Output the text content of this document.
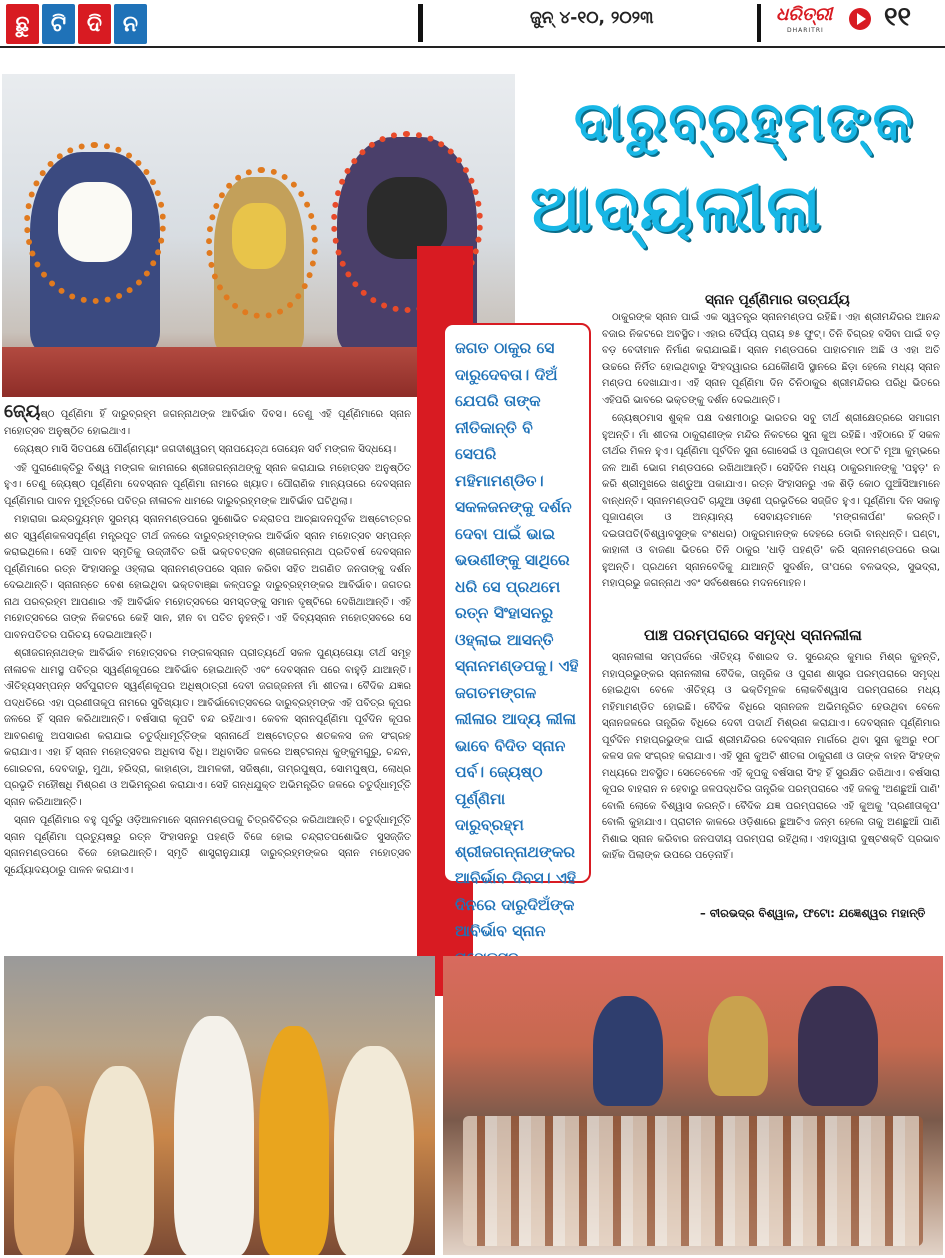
ଛୁ ଟି ଦି ନ	ଜୁନ୍ ୪-୧୦, ୨୦୨୩	ଧରିତ୍ରୀ
DHARITRI ୧୧
ଦାରୁବ୍ରହ୍ମଙ୍କ
ଆଦ୍ୟଲୀଳା
ଜଗତ ଠାକୁର ସେ ଦାରୁଦେବତା। ଦିଅଁ ଯେପରି ତାଙ୍କ ନୀତିକାନ୍ତି ବି ସେପରି ମହିମାମଣ୍ଡିତ। ସକଳଜନଙ୍କୁ ଦର୍ଶନ ଦେବା ପାଇଁ ଭାଇ ଭଉଣୀଙ୍କୁ ସାଥିରେ ଧରି ସେ ପ୍ରଥମେ ରତ୍ନ ସିଂହାସନରୁ ଓହ୍ଲାଇ ଆସନ୍ତି ସ୍ନାନମଣ୍ଡପକୁ। ଏହି ଜଗତମଙ୍ଗଳ ଲୀଳାର ଆଦ୍ୟ ଲୀଳା ଭାବେ ବିଦିତ ସ୍ନାନ ପର୍ବ। ଜ୍ୟେଷ୍ଠ ପୂର୍ଣ୍ଣିମା ଦାରୁବ୍ରହ୍ମ ଶ୍ରୀଜଗନ୍ନାଥଙ୍କର ଆବିର୍ଭାବ ଦିବସ। ଏହି ଦିନରେ ଦାରୁଦିଅଁଙ୍କ ଆବିର୍ଭାବ ସ୍ନାନ

ଜ୍ୟେଷ୍ଠ ପୂର୍ଣ୍ଣିମା ହିଁ ଦାରୁବ୍ରହ୍ମ ଜଗନ୍ନାଥଙ୍କ ଆବିର୍ଭାବ ଦିବସ। ତେଣୁ ଏହି ପୂର୍ଣ୍ଣିମାରେ ସ୍ନାନ ମହୋତ୍ସବ ଅନୁଷ୍ଠିତ ହୋଇଥାଏ।

ଜ୍ୟେଷ୍ଠ ମାସି ସିତପକ୍ଷେ ପୌର୍ଣ୍ଣମ୍ୟାଂ ଜଗଦୀଶ୍ୱରମ୍ ସ୍ନାପୟେତ୍‌ଥ ତୋୟେନ ସର୍ବ ମଙ୍ଗଳ ସିଦ୍ଧୟେ।

ଏହି ପୁରାଣୋକ୍ତିରୁ ବିଶ୍ୱ ମଙ୍ଗଳ କାମନାରେ ଶ୍ରୀଜଗନ୍ନାଥଙ୍କୁ ସ୍ନାନ କରାଯାଇ ମହୋତ୍ସବ ଅନୁଷ୍ଠିତ ହୁଏ। ତେଣୁ ଜ୍ୟେଷ୍ଠ ପୂର୍ଣ୍ଣିମା ଦେବସ୍ନାନ ପୂର୍ଣ୍ଣିମା ନାମରେ ଖ୍ୟାତ। ପୌରାଣିକ ମାନ୍ୟତାରେ ଦେବସ୍ନାନ ପୂର୍ଣ୍ଣିମାର ପାବନ ମୁହୂର୍ତ୍ତରେ ପବିତ୍ର ନୀଳାଚଳ ଧାମରେ ଦାରୁବ୍ରହ୍ମଙ୍କ ଆବିର୍ଭାବ ଘଟିଥିଲା।

ମହାରାଜା ଇନ୍ଦ୍ରଦ୍ୟୁମ୍ନ ସୁରମ୍ୟ ସ୍ନାନମଣ୍ଡପରେ ସୁଶୋଭିତ ଚନ୍ଦ୍ରାତପ ଆଚ୍ଛାଦନପୂର୍ବକ ଅଷ୍ଟୋତ୍ତର ଶତ ସ୍ୱର୍ଣ୍ଣକଳସପୂର୍ଣ୍ଣ ମନ୍ତ୍ରପୂତ ତୀର୍ଥ ଜଳରେ ଦାରୁବ୍ରହ୍ମଙ୍କର ଆବିର୍ଭାବ ସ୍ନାନ ମହୋତ୍ସବ ସମ୍ପନ୍ନ କରାଇଥିଲେ। ସେହି ପାବନ ସ୍ମୃତିକୁ ଉଜ୍ଜୀବିତ ରଖି ଭକ୍ତବତ୍ସଳ ଶ୍ରୀଜଗନ୍ନାଥ ପ୍ରତିବର୍ଷ ଦେବସ୍ନାନ ପୂର୍ଣ୍ଣିମାରେ ରତ୍ନ ସିଂହାସନରୁ ଓହ୍ଲାଇ ସ୍ନାନମଣ୍ଡପରେ ସ୍ନାନ କରିବା ସହିତ ଅଗଣିତ ଜନତାଙ୍କୁ ଦର୍ଶନ ଦେଇଥାନ୍ତି। ସ୍ନାନାନ୍ତେ ବେଶ ହୋଇଥିବା ଭକ୍ତବାଞ୍ଛା କଳ୍ପତରୁ ଦାରୁବ୍ରହ୍ମଙ୍କର ଆବିର୍ଭାବ। ଜଗତର ନାଥ ପରବ୍ରହ୍ମ ଆପଣାର ଏହି ଆବିର୍ଭାବ ମହୋତ୍ସବରେ ସମସ୍ତଙ୍କୁ ସମାନ ଦୃଷ୍ଟିରେ ଦେଖିଥାଆନ୍ତି। ଏହି ମହୋତ୍ସବରେ ତାଙ୍କ ନିକଟରେ କେହି ସାନ, ହୀନ ବା ପତିତ ନୁହନ୍ତି। ଏହି ଦିବ୍ୟସ୍ନାନ ମହୋତ୍ସବରେ ସେ ପାବନପତିତର ପରିଚୟ ଦେଇଥାଆନ୍ତି।

ଶ୍ରୀଜଗନ୍ନାଥଙ୍କ ଆବିର୍ଭାବ ମହୋତ୍ସବର ମଙ୍ଗଳସ୍ନାନ ପ୍ରୀତ୍ୟର୍ଥେ ସକଳ ପୁଣ୍ୟତୋୟା ତୀର୍ଥ ସମୂହ ନୀଳାଚଳ ଧାମସ୍ଥ ପବିତ୍ର ସ୍ୱର୍ଣ୍ଣକୂପରେ ଆବିର୍ଭାବ ହୋଇଥାନ୍ତି ଏବଂ ଦେବସ୍ନାନ ପରେ ବାହୁଡ଼ି ଯାଆନ୍ତି। ଐତିହ୍ୟସମ୍ପନ୍ନ ସର୍ବପୁରାତନ ସ୍ୱର୍ଣ୍ଣକୂପର ଅଧିଷ୍ଠାତ୍ରୀ ଦେବୀ ଜଗଜ୍ଜନନୀ ମାଁ ଶୀତଳା। ବୈଦିକ ଯଜ୍ଞର ପଦ୍ଧତିରେ ଏହା ପ୍ରଣୀତାକୂପ ନାମରେ ସୁବିଖ୍ୟାତ। ଆବିର୍ଭାବୋତ୍ସବରେ ଦାରୁବ୍ରହ୍ମଙ୍କ ଏହି ପବିତ୍ର କୂପର ଜଳରେ ହିଁ ସ୍ନାନ କରିଥାଆନ୍ତି। ବର୍ଷସାରା କୂପଟି ବନ୍ଦ ରହିଥାଏ। କେବଳ ସ୍ନାନପୂର୍ଣ୍ଣିମା ପୂର୍ବଦିନ କୂପର ଆବରଣକୁ ଅପସାରଣ କରାଯାଇ ଚତୁର୍ଦ୍ଧାମୂର୍ତ୍ତିଙ୍କ ସ୍ନାନାର୍ଥେ ଅଷ୍ଟୋତ୍ତର ଶତକଳସ ଜଳ ସଂଗ୍ରହ କରାଯାଏ। ଏହା ହିଁ ସ୍ନାନ ମହୋତ୍ସବର ଅଧିବାସ ବିଧି। ଅଧିବାସିତ ଜଳରେ ଅଷ୍ଟଗନ୍ଧ କୁଙ୍କୁମଗୁରୁ, ଚନ୍ଦନ, ଗୋରଚନା, ଦେବଦାରୁ, ମୁଥା, ହରିଦ୍ରା, କାହାଣ୍ଡା, ଆମଳକୀ, ସଜିଷ୍ଣା, ତାମ୍ରପୁଷ୍ପ, ସୋମପୁଷ୍ପ, ଲୋଧ୍ର ପ୍ରଭୃତି ମହୌଷଧି ମିଶ୍ରଣ ଓ ଅଭିମନ୍ତ୍ରଣ କରାଯାଏ। ସେହି ଗନ୍ଧଯୁକ୍ତ ଅଭିମନ୍ତ୍ରିତ ଜଳରେ ଚତୁର୍ଦ୍ଧାମୂର୍ତ୍ତି ସ୍ନାନ କରିଥାଆନ୍ତି।

ସ୍ନାନ ପୂର୍ଣ୍ଣିମାର ବହୁ ପୂର୍ବରୁ ଓଡ଼ିଆଳମାନେ ସ୍ନାନମଣ୍ଡପକୁ ଚିତ୍ରବିଚିତ୍ର କରିଥାଆନ୍ତି। ଚତୁର୍ଦ୍ଧାମୂର୍ତ୍ତି ସ୍ନାନ ପୂର୍ଣ୍ଣିମା ପ୍ରତ୍ୟୁଷରୁ ରତ୍ନ ସିଂହାସନରୁ ପହଣ୍ଡି ବିଜେ ହୋଇ ଚନ୍ଦ୍ରାତପଶୋଭିତ ସୁସଜ୍ଜିତ ସ୍ନାନମଣ୍ଡପରେ ବିଜେ ହୋଇଥାନ୍ତି। ସ୍ମୃତି ଶାସ୍ତ୍ରାନୁଯାୟୀ ଦାରୁବ୍ରହ୍ମଙ୍କର ସ୍ନାନ ମହୋତ୍ସବ ସୂର୍ଯ୍ୟୋଦୟଠାରୁ ପାଳନ କରାଯାଏ।

ସ୍ନାନ ପୂର୍ଣ୍ଣିମାର ତାତ୍ପର୍ଯ୍ୟ

ଠାକୁରଙ୍କ ସ୍ନାନ ପାଇଁ ଏକ ସ୍ୱତନ୍ତ୍ର ସ୍ନାନମଣ୍ଡପ ରହିଛି। ଏହା ଶ୍ରୀମନ୍ଦିରର ଆନନ୍ଦ ବଜାର ନିକଟରେ ଅବସ୍ଥିତ। ଏହାର ଦୈର୍ଘ୍ୟ ପ୍ରାୟ ୭୫ ଫୁଟ୍। ତିନି ବିଗ୍ରହ ବସିବା ପାଇଁ ବଡ଼ ବଡ଼ ବେଦୀମାନ ନିର୍ମାଣ କରାଯାଇଛି। ସ୍ନାନ ମଣ୍ଡପରେ ପାହାଚମାନ ଅଛି ଓ ଏହା ଅତି ଉଚ୍ଚରେ ନିର୍ମିତ ହୋଇଥିବାରୁ ସିଂହଦ୍ୱାରର ଯେକୌଣସି ସ୍ଥାନରେ ଛିଡ଼ା ହେଲେ ମଧ୍ୟ ସ୍ନାନ ମଣ୍ଡପ ଦେଖାଯାଏ। ଏହି ସ୍ନାନ ପୂର୍ଣ୍ଣିମା ଦିନ ଚିନିଠାକୁର ଶ୍ରୀମନ୍ଦିରର ପରିଧି ଭିତରେ ଏହିପରି ଭାବରେ ଭକ୍ତଙ୍କୁ ଦର୍ଶନ ଦେଇଥାନ୍ତି।

ଜ୍ୟେଷ୍ଠମାସ ଶୁକ୍ଳ ପକ୍ଷ ଦଶମୀଠାରୁ ଭାରତର ସବୁ ତୀର୍ଥ ଶ୍ରୀକ୍ଷେତ୍ରରେ ସମାଗମ ହୁଅନ୍ତି। ମାଁ ଶୀତଳା ଠାକୁରାଣୀଙ୍କ ମନ୍ଦିର ନିକଟରେ ସୁନା କୁଅ ରହିଛି। ଏହିଠାରେ ହିଁ ସକଳ ତୀର୍ଥର ମିଳନ ହୁଏ। ପୂର୍ଣ୍ଣିମା ପୂର୍ବଦିନ ସୁନା ଗୋସେଇଁ ଓ ପୂଜାପଣ୍ଡା ୧୦୮ଟି ମୂଆ କୁମ୍ଭରେ ଜଳ ଆଣି ଭୋଗ ମଣ୍ଡପରେ ରଖିଥାଆନ୍ତି। ସେହିଦିନ ମଧ୍ୟ ଠାକୁରମାନଙ୍କୁ 'ପହୁଡ଼' ନ କରି ଶ୍ରୀମୁଖରେ ଖଣ୍ଡୁଆ ପକାଯାଏ। ରତ୍ନ ସିଂହାସନରୁ ଏକ ଶିଡ଼ି କୋଠ ପୁଆଁସିଆମାନେ ବାନ୍ଧନ୍ତି। ସ୍ନାନମଣ୍ଡପଟି ଚାନ୍ଦୁଆ ଓଢ଼ଣୀ ପ୍ରଭୃତିରେ ସଜ୍ଜିତ ହୁଏ। ପୂର୍ଣ୍ଣିମା ଦିନ ସକାଳୁ ପୂଜାପଣ୍ଡା ଓ ଅନ୍ୟାନ୍ୟ ସେବାୟତମାନେ 'ମଙ୍ଗଳାର୍ପଣ' କରନ୍ତି। ଦଇତାପତି(ବିଶ୍ୱାବସୁଙ୍କ ବଂଶଧର) ଠାକୁରମାନଙ୍କ ଦେହରେ ଡୋରି ବାନ୍ଧନ୍ତି। ଘଣ୍ଟା, କାହାଳୀ ଓ ବାଜଣା ଭିତରେ ତିନି ଠାକୁର 'ଧାଡ଼ି ପହଣ୍ଡି' କରି ସ୍ନାନମଣ୍ଡପରେ ଉଭା ହୁଅନ୍ତି। ପ୍ରଥମେ ସ୍ନାନବେଦିକୁ ଯାଆନ୍ତି ସୁଦର୍ଶନ, ତା'ପରେ ବଳଭଦ୍ର, ସୁଭଦ୍ରା, ମହାପ୍ରଭୁ ଜଗନ୍ନାଥ ଏବଂ ସର୍ବଶେଷରେ ମଦନମୋହନ।

ପାଞ୍ଚ ପରମ୍ପରାରେ ସମୃଦ୍ଧ ସ୍ନାନଲୀଳା

ସ୍ନାନଲୀଳା ସମ୍ପର୍କରେ ଐତିହ୍ୟ ବିଶାରଦ ଡ. ସୁରେନ୍ଦ୍ର କୁମାର ମିଶ୍ର କୁହନ୍ତି, ମହାପ୍ରଭୁଙ୍କର ସ୍ନାନଲୀଳା ବୈଦିକ, ତାନ୍ତ୍ରିକ ଓ ପୁରାଣ ଶାସ୍ତ୍ର ପରମ୍ପରାରେ ସମୃଦ୍ଧ ହୋଇଥିବା ବେଳେ ଐତିହ୍ୟ ଓ ଭକ୍ତିମୂଳକ ଲୋକବିଶ୍ୱାସ ପରମ୍ପରାରେ ମଧ୍ୟ ମହିମାମଣ୍ଡିତ ହୋଇଛି। ବୈଦିକ ବିଧିରେ ସ୍ନାନଜଳ ଅଭିମନ୍ତ୍ରିତ ହେଉଥିବା ବେଳେ ସ୍ନାନଜଳରେ ତାନ୍ତ୍ରିକ ବିଧିରେ ଦେବୀ ପଦାର୍ଥ ମିଶ୍ରଣ କରାଯାଏ। ଦେବସ୍ନାନ ପୂର୍ଣ୍ଣିମାର ପୂର୍ବଦିନ ମହାପ୍ରଭୁଙ୍କ ପାଇଁ ଶ୍ରୀମନ୍ଦିରର ଦେବସ୍ନାନ ମାର୍ଗରେ ଥିବା ସୁନା କୁଅରୁ ୧୦୮ କଳସ ଜଳ ସଂଗ୍ରହ କରାଯାଏ। ଏହି ସୁନା କୁଅଟି ଶୀତଳା ଠାକୁରାଣୀ ଓ ତାଙ୍କ ବାହନ ସିଂହଙ୍କ ମଧ୍ୟରେ ଅବସ୍ଥିତ। ସେତେବେଳେ ଏହି କୂପକୁ ବର୍ଷସାରା ସିଂହ ହିଁ ସୁରକ୍ଷିତ ରଖିଥାଏ। ବର୍ଷସାରା କୂପର ବାହରାନ ନ ହେବାରୁ ଜଳପଦ୍ଧତିର ତାନ୍ତ୍ରିକ ପରମ୍ପରାରେ ଏହି ଜଳକୁ 'ଅଣଛୁଆଁ ପାଣି' ବୋଲି ଲୋକେ ବିଶ୍ୱାସ କରନ୍ତି। ବୈଦିକ ଯଜ୍ଞ ପରମ୍ପରାରେ ଏହି କୁଅକୁ 'ପ୍ରଣୀତାକୂପ' ବୋଲି କୁହାଯାଏ। ପ୍ରାଚୀନ କାଳରେ ଓଡ଼ିଶାରେ ଛୁଆଟିଏ ଜନ୍ମ ହେଲେ ତାକୁ ଅଣଛୁଆଁ ପାଣି ମିଶାଇ ସ୍ନାନ କରିବାର ଜନପଦୀୟ ପରମ୍ପରା ରହିଥିଲା। ଏହାଦ୍ୱାରା ଦୁଷ୍ଟଶକ୍ତି ପ୍ରଭାବ କାହିଁକ ପିଲାଙ୍କ ଉପରେ ପଡ଼େନାହିଁ।

– ବୀରଭଦ୍ର ବିଶ୍ୱାଳ, ଫଟୋ: ଯଜ୍ଞେଶ୍ୱର ମହାନ୍ତି
